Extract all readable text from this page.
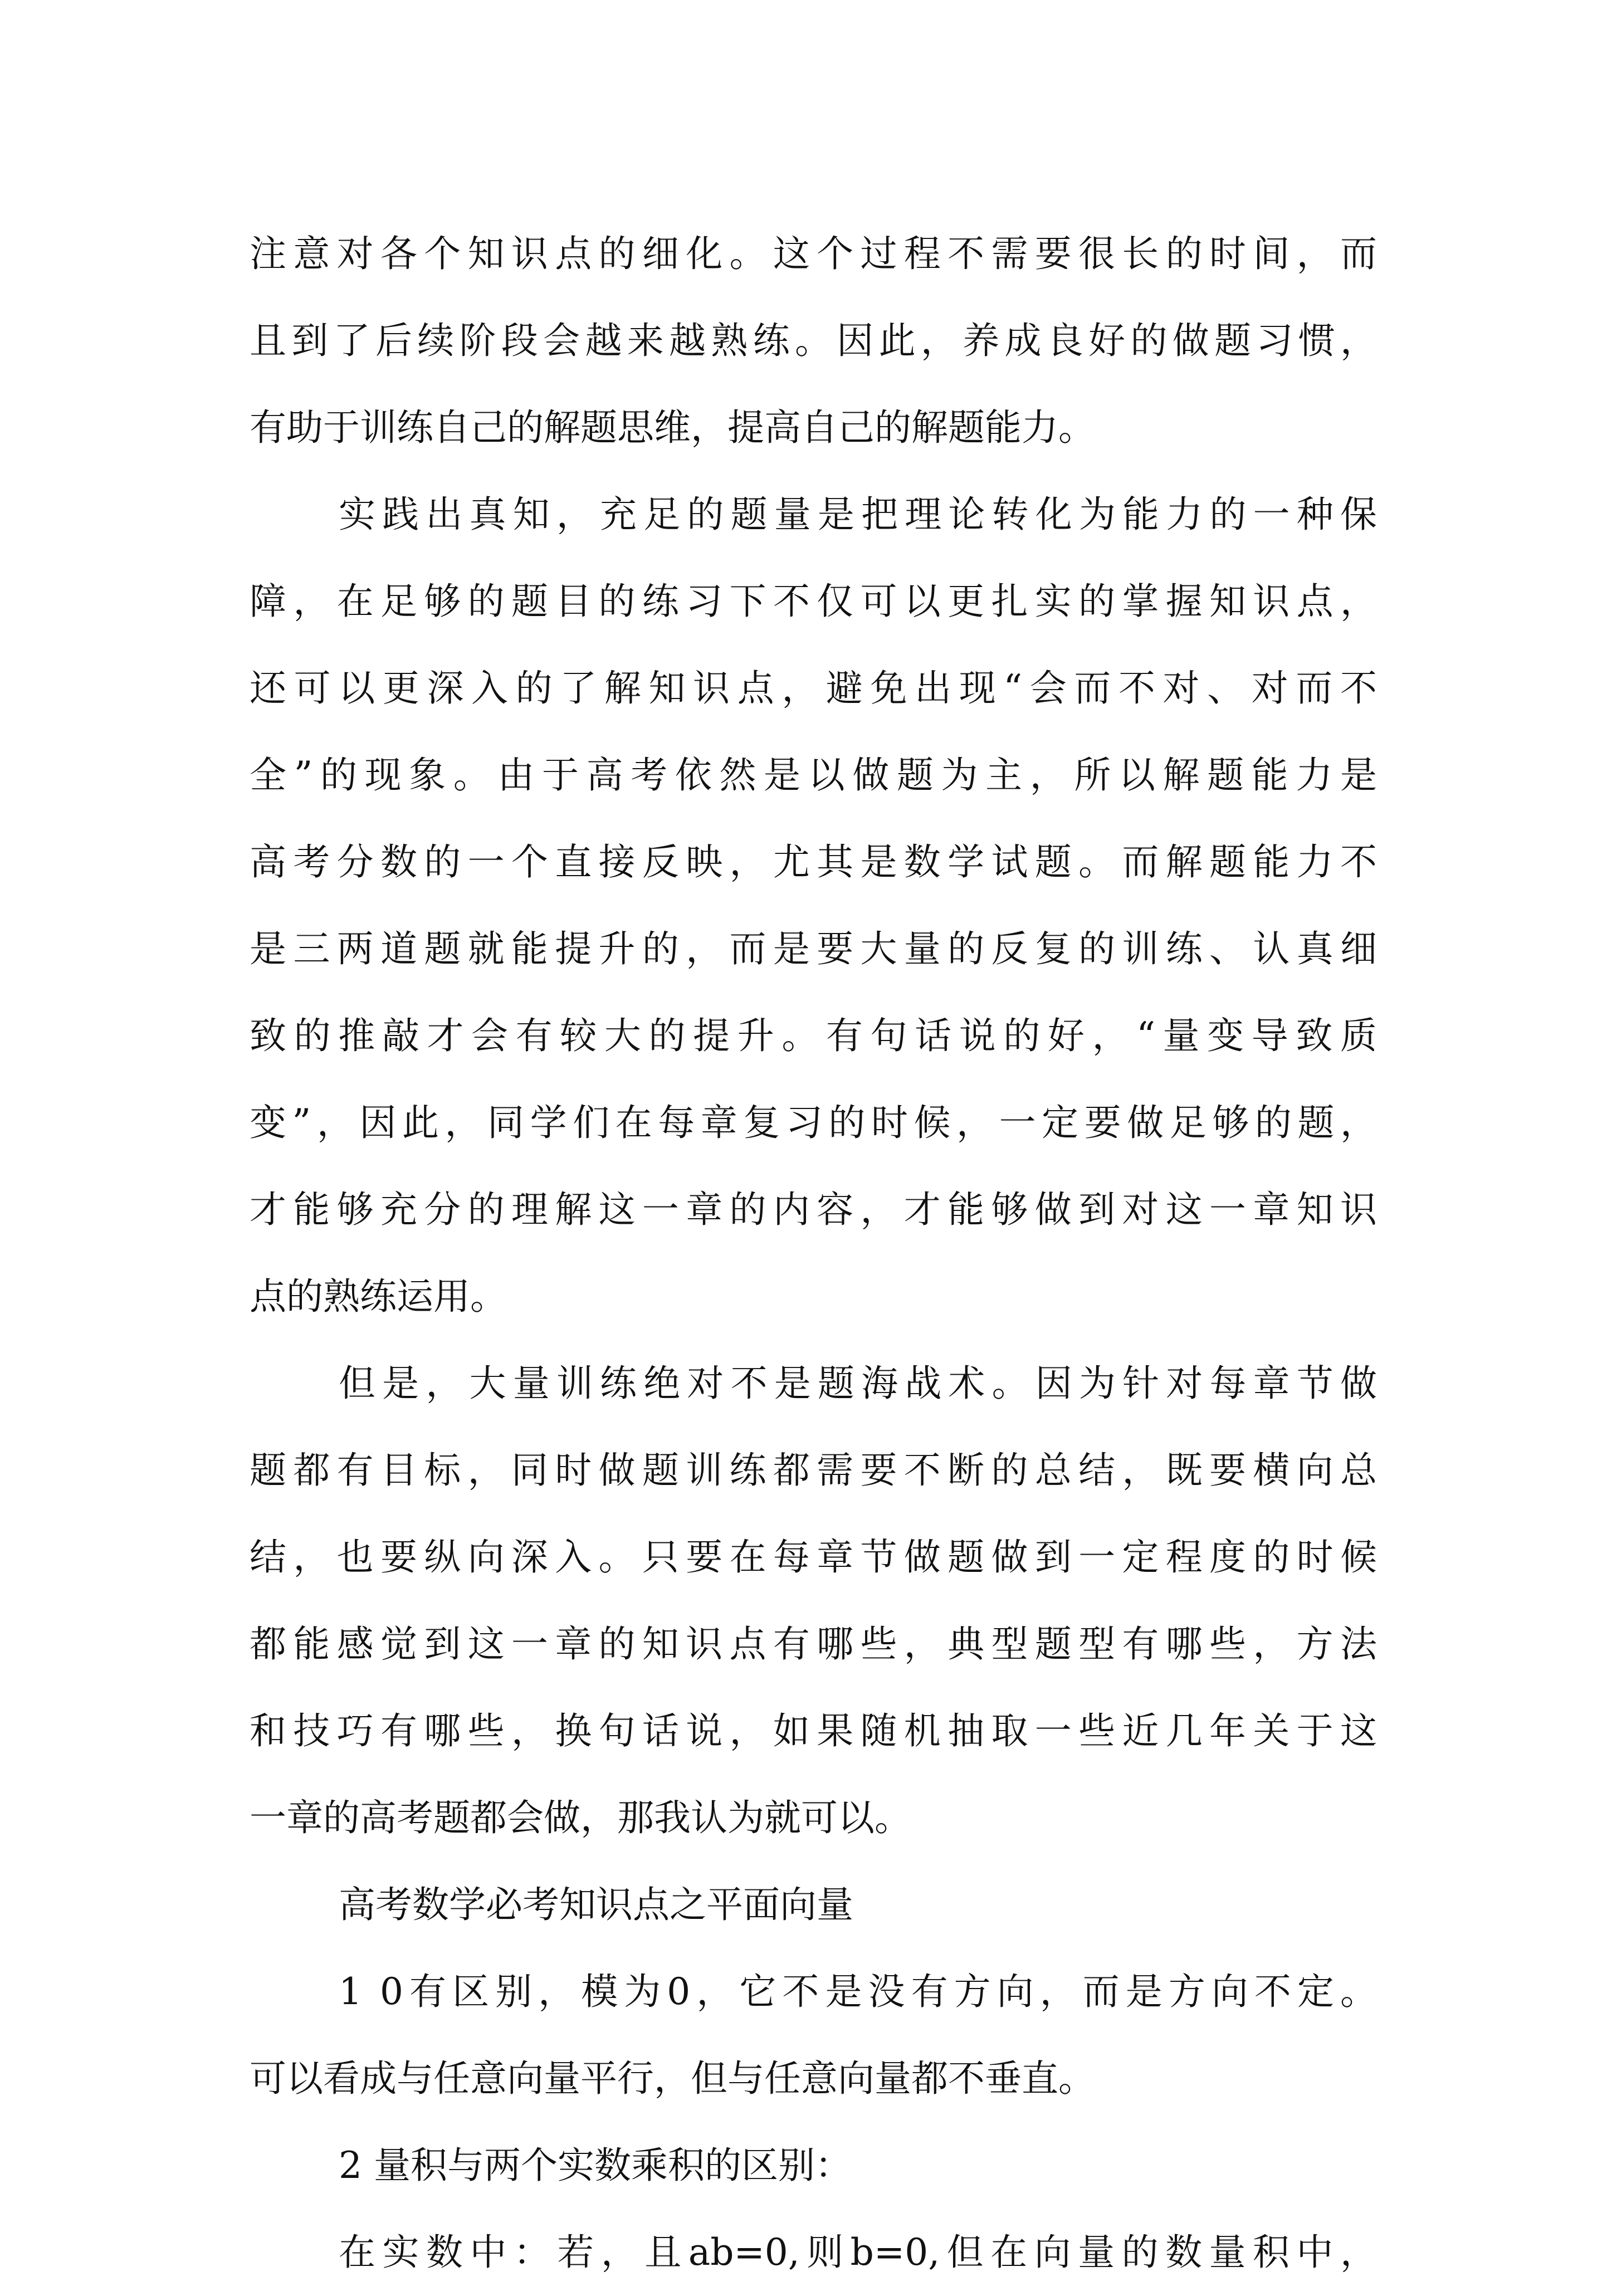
注意对各个知识点的细化。这个过程不需要很长的时间，而
且到了后续阶段会越来越熟练。因此，养成良好的做题习惯，
有助于训练自己的解题思维，提高自己的解题能力。
实践出真知，充足的题量是把理论转化为能力的一种保
障，在足够的题目的练习下不仅可以更扎实的掌握知识点，
还可以更深入的了解知识点，避免出现“会而不对、对而不
全”的现象。由于高考依然是以做题为主，所以解题能力是
高考分数的一个直接反映，尤其是数学试题。而解题能力不
是三两道题就能提升的，而是要大量的反复的训练、认真细
致的推敲才会有较大的提升。有句话说的好，“量变导致质
变”，因此，同学们在每章复习的时候，一定要做足够的题，
才能够充分的理解这一章的内容，才能够做到对这一章知识
点的熟练运用。
但是，大量训练绝对不是题海战术。因为针对每章节做
题都有目标，同时做题训练都需要不断的总结，既要横向总
结，也要纵向深入。只要在每章节做题做到一定程度的时候
都能感觉到这一章的知识点有哪些，典型题型有哪些，方法
和技巧有哪些，换句话说，如果随机抽取一些近几年关于这
一章的高考题都会做，那我认为就可以。
高考数学必考知识点之平面向量
1 0有区别，模为0，它不是没有方向，而是方向不定。
可以看成与任意向量平行，但与任意向量都不垂直。
2 量积与两个实数乘积的区别：
在实数中：若，且ab=0,则b=0,但在向量的数量积中，
